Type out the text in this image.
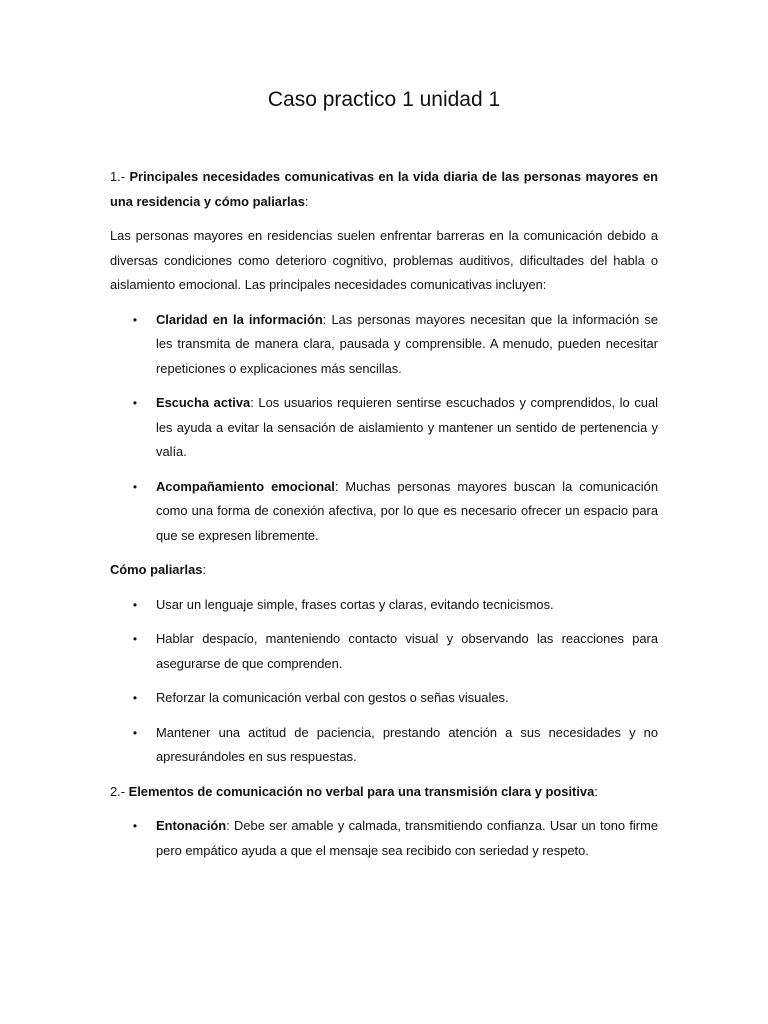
Caso practico 1 unidad 1

1.- Principales necesidades comunicativas en la vida diaria de las personas mayores en una residencia y cómo paliarlas:

Las personas mayores en residencias suelen enfrentar barreras en la comunicación debido a diversas condiciones como deterioro cognitivo, problemas auditivos, dificultades del habla o aislamiento emocional. Las principales necesidades comunicativas incluyen:

• Claridad en la información: Las personas mayores necesitan que la información se les transmita de manera clara, pausada y comprensible. A menudo, pueden necesitar repeticiones o explicaciones más sencillas.
• Escucha activa: Los usuarios requieren sentirse escuchados y comprendidos, lo cual les ayuda a evitar la sensación de aislamiento y mantener un sentido de pertenencia y valía.
• Acompañamiento emocional: Muchas personas mayores buscan la comunicación como una forma de conexión afectiva, por lo que es necesario ofrecer un espacio para que se expresen libremente.

Cómo paliarlas:

• Usar un lenguaje simple, frases cortas y claras, evitando tecnicismos.
• Hablar despacio, manteniendo contacto visual y observando las reacciones para asegurarse de que comprenden.
• Reforzar la comunicación verbal con gestos o señas visuales.
• Mantener una actitud de paciencia, prestando atención a sus necesidades y no apresurándoles en sus respuestas.

2.- Elementos de comunicación no verbal para una transmisión clara y positiva:

• Entonación: Debe ser amable y calmada, transmitiendo confianza. Usar un tono firme pero empático ayuda a que el mensaje sea recibido con seriedad y respeto.
